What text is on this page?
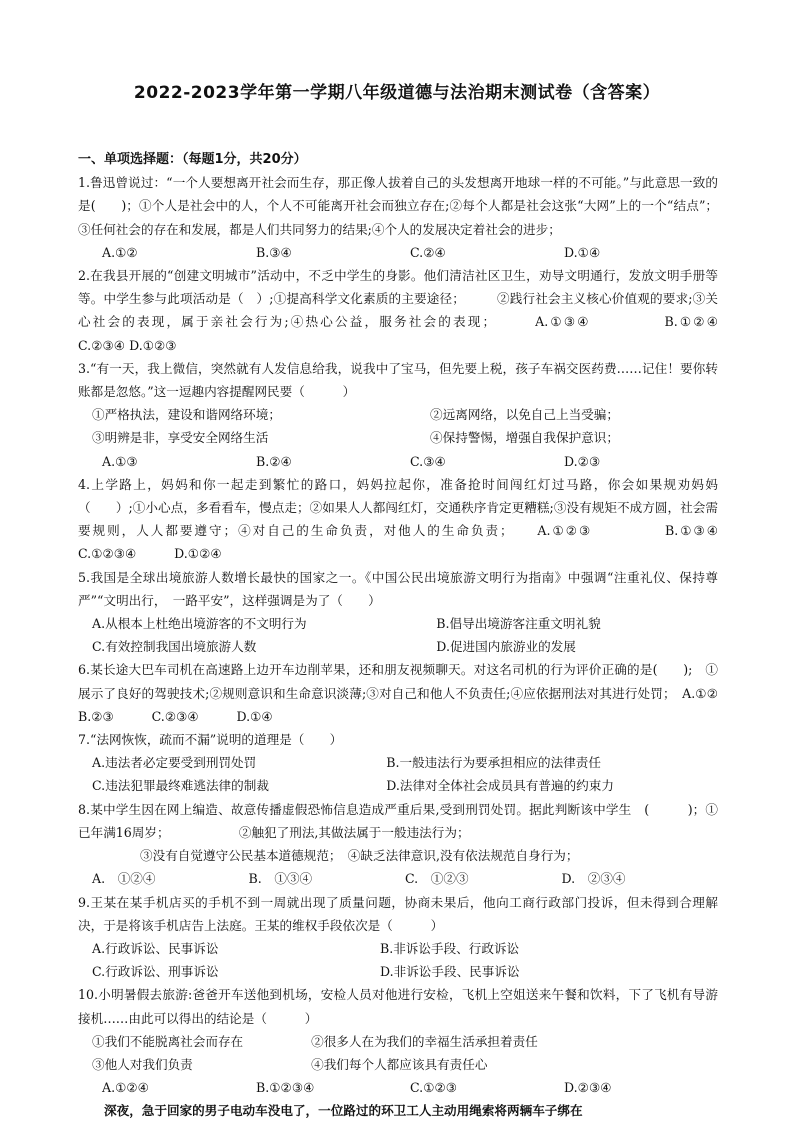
2022-2023学年第一学期八年级道德与法治期末测试卷（含答案）

一、单项选择题：（每题1分，共20分）

1.鲁迅曾说过：“一个人要想离开社会而生存，那正像人拔着自己的头发想离开地球一样的不可能。”与此意思一致的是(　　)；①个人是社会中的人，个人不可能离开社会而独立存在;②每个人都是社会这张“大网”上的一个“结点”；③任何社会的存在和发展，都是人们共同努力的结果;④个人的发展决定着社会的进步；

A.①②	B.③④	C.②④	D.①④

2.在我县开展的“创建文明城市”活动中，不乏中学生的身影。他们清洁社区卫生，劝导文明通行，发放文明手册等等。中学生参与此项活动是（　）;①提高科学文化素质的主要途径；　　　②践行社会主义核心价值观的要求;③关心社会的表现，属于亲社会行为;④热心公益，服务社会的表现；　　　	A.①③④　　　　　	B.①②④　　　　　C.②③④ D.①②③

3.“有一天，我上微信，突然就有人发信息给我，说我中了宝马，但先要上税，孩子车祸交医药费……记住！要你转账都是忽悠。”这一逗趣内容提醒网民要（　　　）

①严格执法，建设和谐网络环境；	②远离网络，以免自己上当受骗；
③明辨是非，享受安全网络生活	④保持警惕，增强自我保护意识；
A.①③	B.②④	C.③④	D.②③

4.上学路上，妈妈和你一起走到繁忙的路口，妈妈拉起你，准备抢时间闯红灯过马路，你会如果规劝妈妈（　　）;①小心点，多看看车，慢点走；②如果人人都闯红灯，交通秩序肯定更糟糕;③没有规矩不成方圆，社会需要规则，人人都要遵守；④对自己的生命负责，对他人的生命负责；　　 A.①②③　　　　　	B.①③④　　　　C.①②③④　　　	D.①②④

5.我国是全球出境旅游人数增长最快的国家之一。《中国公民出境旅游文明行为指南》中强调“注重礼仪、保持尊严”“文明出行，　一路平安”，这样强调是为了（　　）

A.从根本上杜绝出境游客的不文明行为	B.倡导出境游客注重文明礼貌
C.有效控制我国出境旅游人数	D.促进国内旅游业的发展

6.某长途大巴车司机在高速路上边开车边削苹果，还和朋友视频聊天。对这名司机的行为评价正确的是(　　);　①展示了良好的驾驶技术;②规则意识和生命意识淡薄;③对自己和他人不负责任;④应依据刑法对其进行处罚；　 A.①②　　　B.②③　　　	C.②③④　　　	D.①④

7.“法网恢恢，疏而不漏”说明的道理是（　　）

A.违法者必定要受到刑罚处罚	B.一般违法行为要承担相应的法律责任
C.违法犯罪最终难逃法律的制裁	D.法律对全体社会成员具有普遍的约束力

8.某中学生因在网上编造、故意传播虚假恐怖信息造成严重后果,受到刑罚处罚。据此判断该中学生　(　　　)；①已年满16周岁；　　　　　　②触犯了刑法,其做法属于一般违法行为；

③没有自觉遵守公民基本道德规范；　④缺乏法律意识,没有依法规范自身行为；

A.　①②④	B.　①③④	C.　①②③	D.　②③④

9.王某在某手机店买的手机不到一周就出现了质量问题，协商未果后，他向工商行政部门投诉，但未得到合理解决，于是将该手机店告上法庭。王某的维权手段依次是（　　　）

A.行政诉讼、民事诉讼	B.非诉讼手段、行政诉讼
C.行政诉讼、刑事诉讼	D.非诉讼手段、民事诉讼

10.小明暑假去旅游:爸爸开车送他到机场，安检人员对他进行安检，飞机上空姐送来午餐和饮料，下了飞机有导游接机……由此可以得出的结论是（　　　）

①我们不能脱离社会而存在	②很多人在为我们的幸福生活承担着责任
③他人对我们负责	④我们每个人都应该具有责任心
A.①②④	B.①②③④	C.①②③	D.②③④

深夜，急于回家的男子电动车没电了，一位路过的环卫工人主动用绳索将两辆车子绑在
